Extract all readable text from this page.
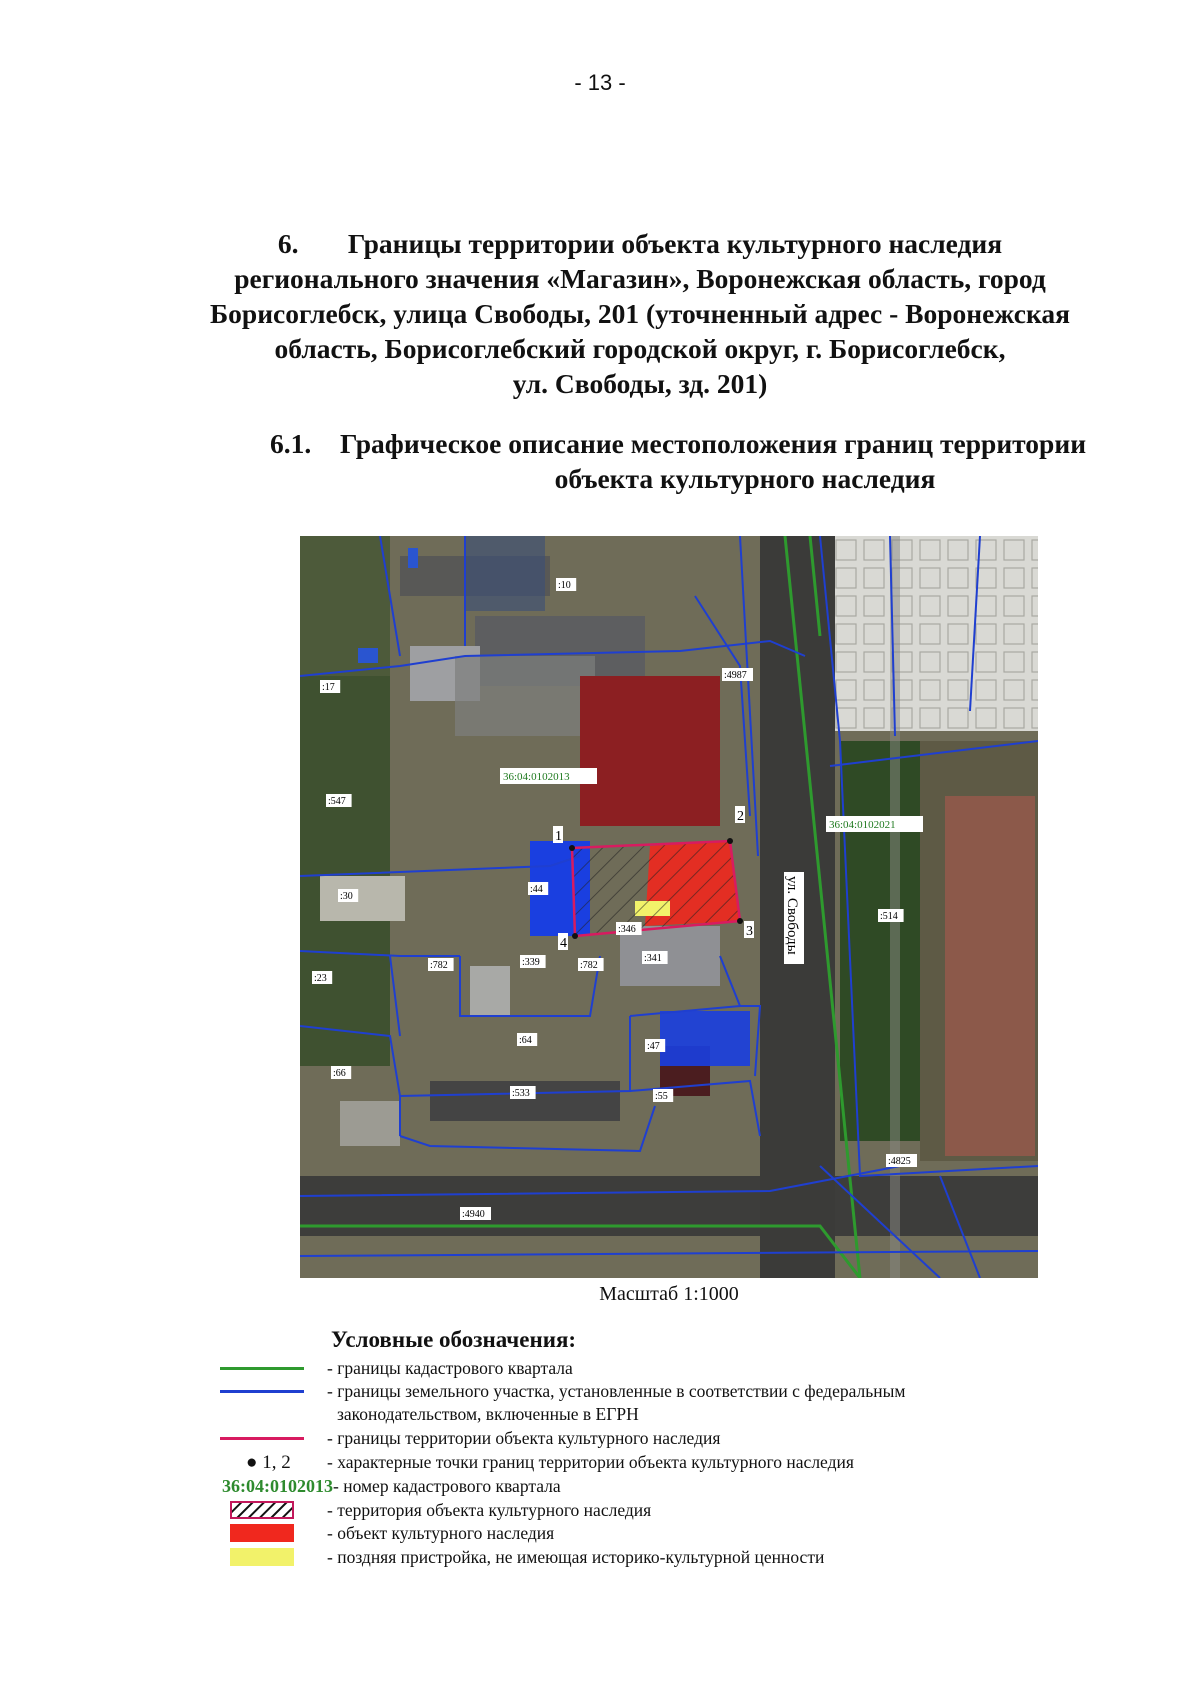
- 13 -
6. Границы территории объекта культурного наследия
регионального значения «Магазин», Воронежская область, город
Борисоглебск, улица Свободы, 201 (уточненный адрес - Воронежская
область, Борисоглебский городской округ, г. Борисоглебск,
ул. Свободы, зд. 201)
6.1. Графическое описание местоположения границ территории
объекта культурного наследия
1
2
3
4	ул. Свободы
36:04:0102013
36:04:0102021
:10
:17
:547
:30
:23
:66
:44
:346
:339	:782
:782
:341
:64
:47
:533	:55
:4987
:514
:4825
:4940
Масштаб 1:1000
Условные обозначения:
- границы кадастрового квартала
- границы земельного участка, установленные в соответствии с федеральным
законодательством, включенные в ЕГРН
- границы территории объекта культурного наследия
● 1, 2 - характерные точки границ территории объекта культурного наследия
36:04:0102013 - номер кадастрового квартала
- территория объекта культурного наследия
- объект культурного наследия
- поздняя пристройка, не имеющая историко-культурной ценности
